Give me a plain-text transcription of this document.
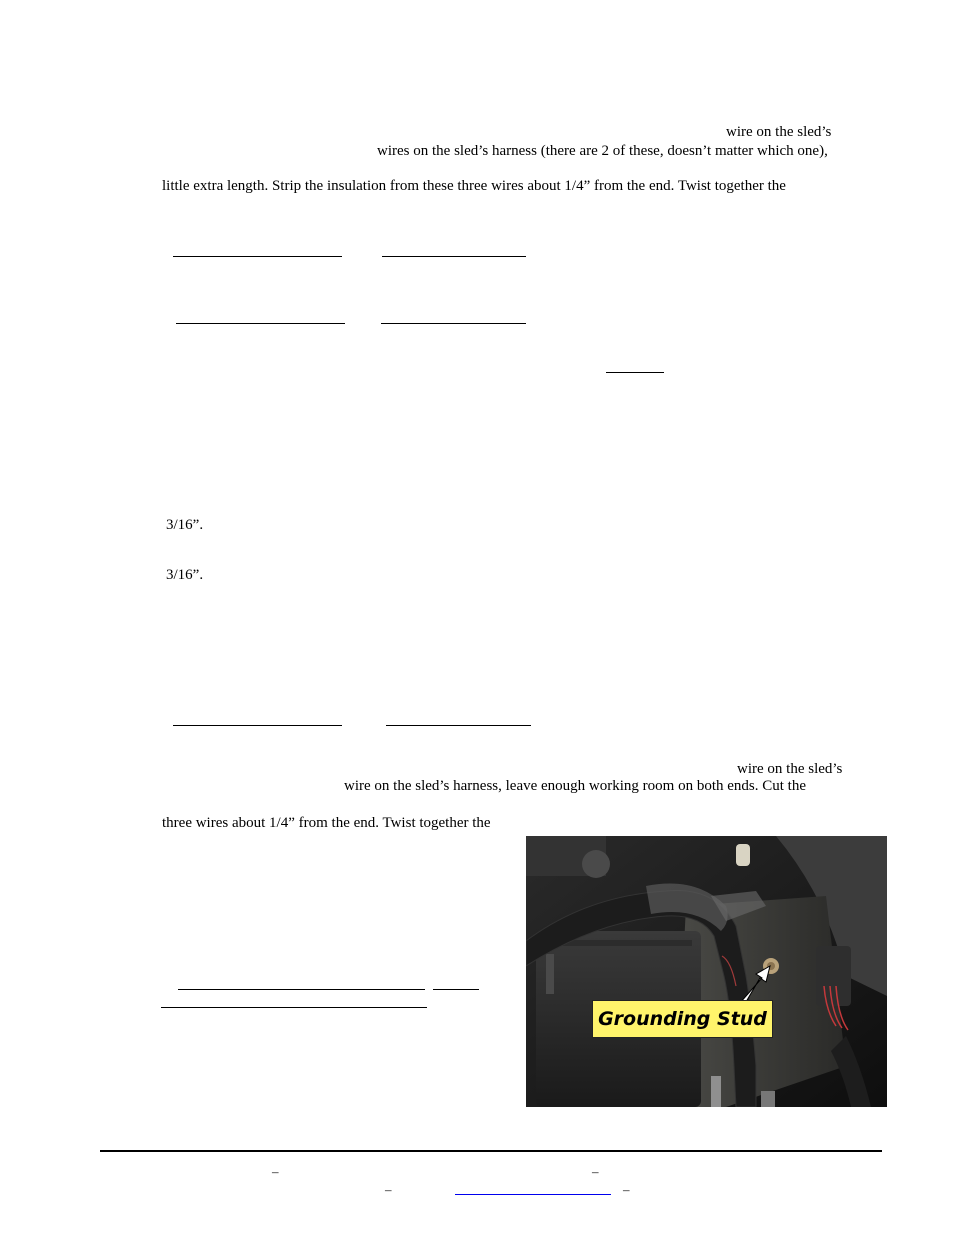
wire on the sled’s
wires on the sled’s harness (there are 2 of these, doesn’t matter which one),
little extra length. Strip the insulation from these three wires about 1/4” from the end. Twist together the
3/16”.
3/16”.
wire on the sled’s
wire on the sled’s harness, leave enough working room on both ends. Cut the
three wires about 1/4” from the end. Twist together the
Grounding Stud
–	–
–	–
